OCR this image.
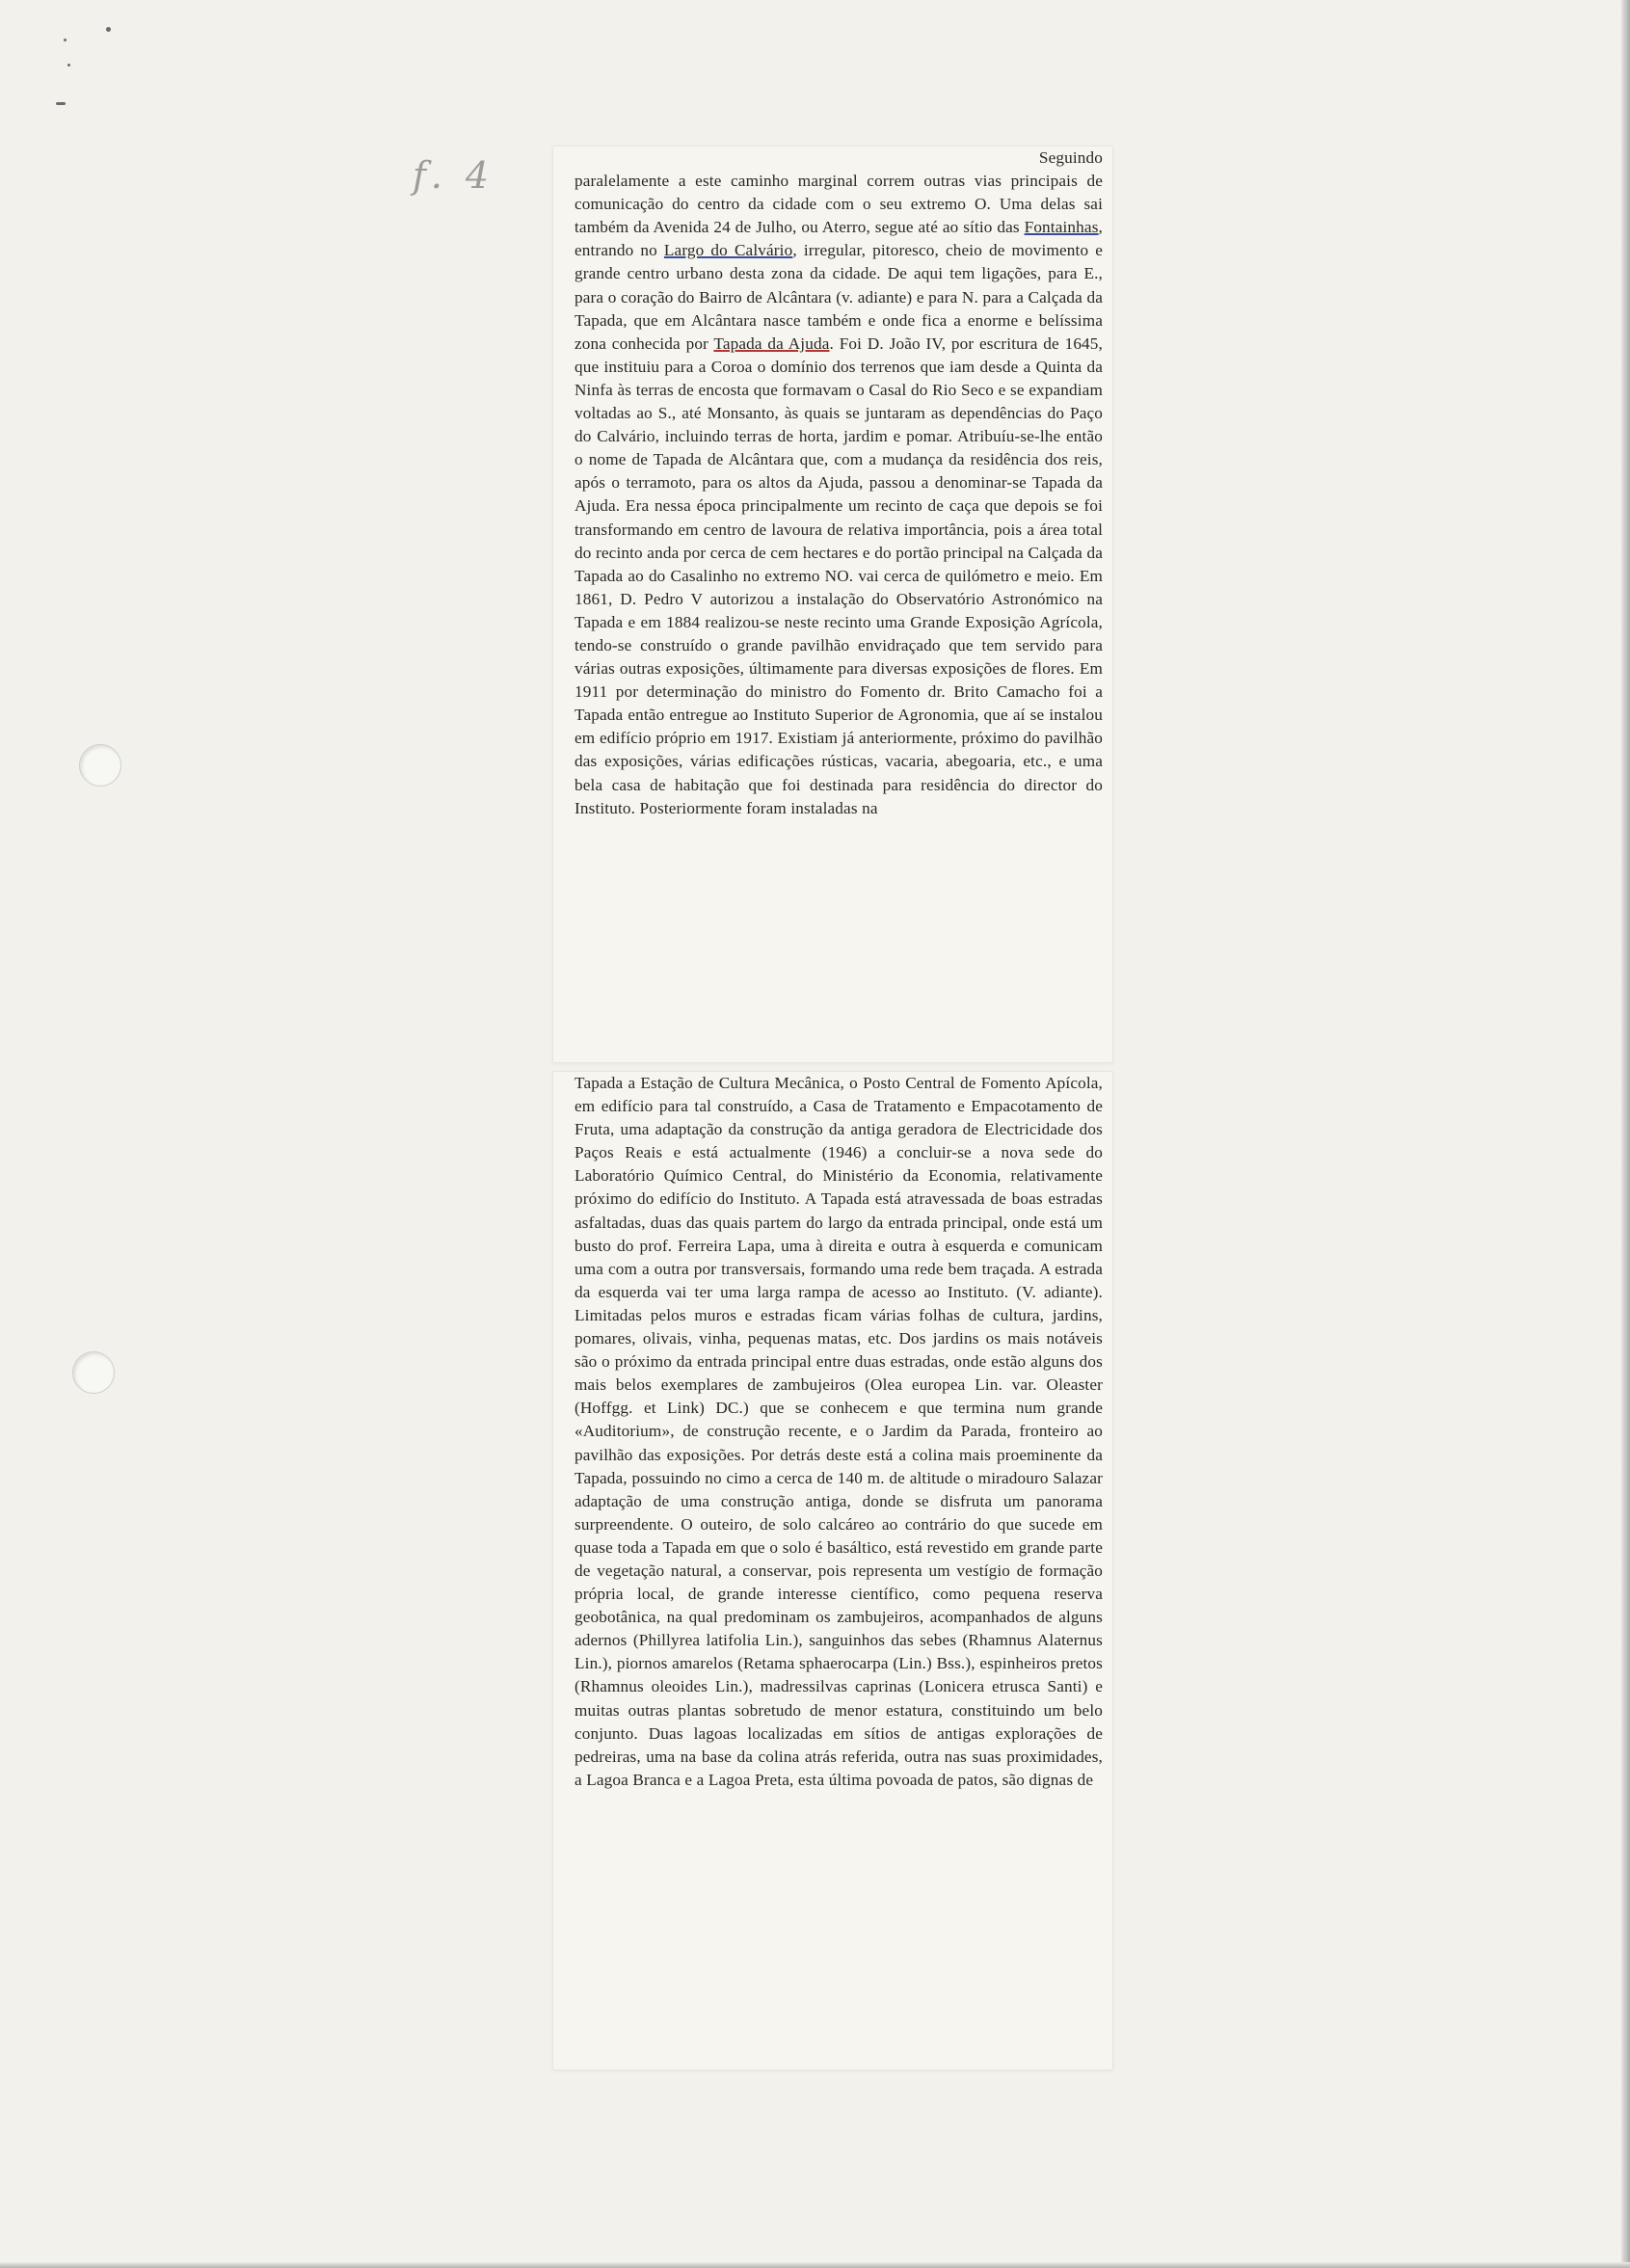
f. 4	Seguindo
paralelamente a este caminho marginal correm outras vias principais de comunicação do centro da cidade com o seu extremo O. Uma delas sai também da Avenida 24 de Julho, ou Aterro, segue até ao sítio das Fontainhas, entrando no Largo do Calvário, irregular, pitoresco, cheio de movimento e grande centro urbano desta zona da cidade. De aqui tem ligações, para E., para o coração do Bairro de Alcântara (v. adiante) e para N. para a Calçada da Tapada, que em Alcântara nasce também e onde fica a enorme e belíssima zona conhecida por Tapada da Ajuda. Foi D. João IV, por escritura de 1645, que instituiu para a Coroa o domínio dos terrenos que iam desde a Quinta da Ninfa às terras de encosta que formavam o Casal do Rio Seco e se expandiam voltadas ao S., até Monsanto, às quais se juntaram as dependências do Paço do Calvário, incluindo terras de horta, jardim e pomar. Atribuíu-se-lhe então o nome de Tapada de Alcântara que, com a mudança da residência dos reis, após o terramoto, para os altos da Ajuda, passou a denominar-se Tapada da Ajuda. Era nessa época principalmente um recinto de caça que depois se foi transformando em centro de lavoura de relativa importância, pois a área total do recinto anda por cerca de cem hectares e do portão principal na Calçada da Tapada ao do Casalinho no extremo NO. vai cerca de quilómetro e meio. Em 1861, D. Pedro V autorizou a instalação do Observatório Astronómico na Tapada e em 1884 realizou-se neste recinto uma Grande Exposição Agrícola, tendo-se construído o grande pavilhão envidraçado que tem servido para várias outras exposições, últimamente para diversas exposições de flores. Em 1911 por determinação do ministro do Fomento dr. Brito Camacho foi a Tapada então entregue ao Instituto Superior de Agronomia, que aí se instalou em edifício próprio em 1917. Existiam já anteriormente, próximo do pavilhão das exposições, várias edificações rústicas, vacaria, abegoaria, etc., e uma bela casa de habitação que foi destinada para residência do director do Instituto. Posteriormente foram instaladas na

Tapada a Estação de Cultura Mecânica, o Posto Central de Fomento Apícola, em edifício para tal construído, a Casa de Tratamento e Empacotamento de Fruta, uma adaptação da construção da antiga geradora de Electricidade dos Paços Reais e está actualmente (1946) a concluir-se a nova sede do Laboratório Químico Central, do Ministério da Economia, relativamente próximo do edifício do Instituto. A Tapada está atravessada de boas estradas asfaltadas, duas das quais partem do largo da entrada principal, onde está um busto do prof. Ferreira Lapa, uma à direita e outra à esquerda e comunicam uma com a outra por transversais, formando uma rede bem traçada. A estrada da esquerda vai ter uma larga rampa de acesso ao Instituto. (V. adiante). Limitadas pelos muros e estradas ficam várias folhas de cultura, jardins, pomares, olivais, vinha, pequenas matas, etc. Dos jardins os mais notáveis são o próximo da entrada principal entre duas estradas, onde estão alguns dos mais belos exemplares de zambujeiros (Olea europea Lin. var. Oleaster (Hoffgg. et Link) DC.) que se conhecem e que termina num grande «Auditorium», de construção recente, e o Jardim da Parada, fronteiro ao pavilhão das exposições. Por detrás deste está a colina mais proeminente da Tapada, possuindo no cimo a cerca de 140 m. de altitude o miradouro Salazar adaptação de uma construção antiga, donde se disfruta um panorama surpreendente. O outeiro, de solo calcáreo ao contrário do que sucede em quase toda a Tapada em que o solo é basáltico, está revestido em grande parte de vegetação natural, a conservar, pois representa um vestígio de formação própria local, de grande interesse científico, como pequena reserva geobotânica, na qual predominam os zambujeiros, acompanhados de alguns adernos (Phillyrea latifolia Lin.), sanguinhos das sebes (Rhamnus Alaternus Lin.), piornos amarelos (Retama sphaerocarpa (Lin.) Bss.), espinheiros pretos (Rhamnus oleoides Lin.), madressilvas caprinas (Lonicera etrusca Santi) e muitas outras plantas sobretudo de menor estatura, constituindo um belo conjunto. Duas lagoas localizadas em sítios de antigas explorações de pedreiras, uma na base da colina atrás referida, outra nas suas proximidades, a Lagoa Branca e a Lagoa Preta, esta última povoada de patos, são dignas de
